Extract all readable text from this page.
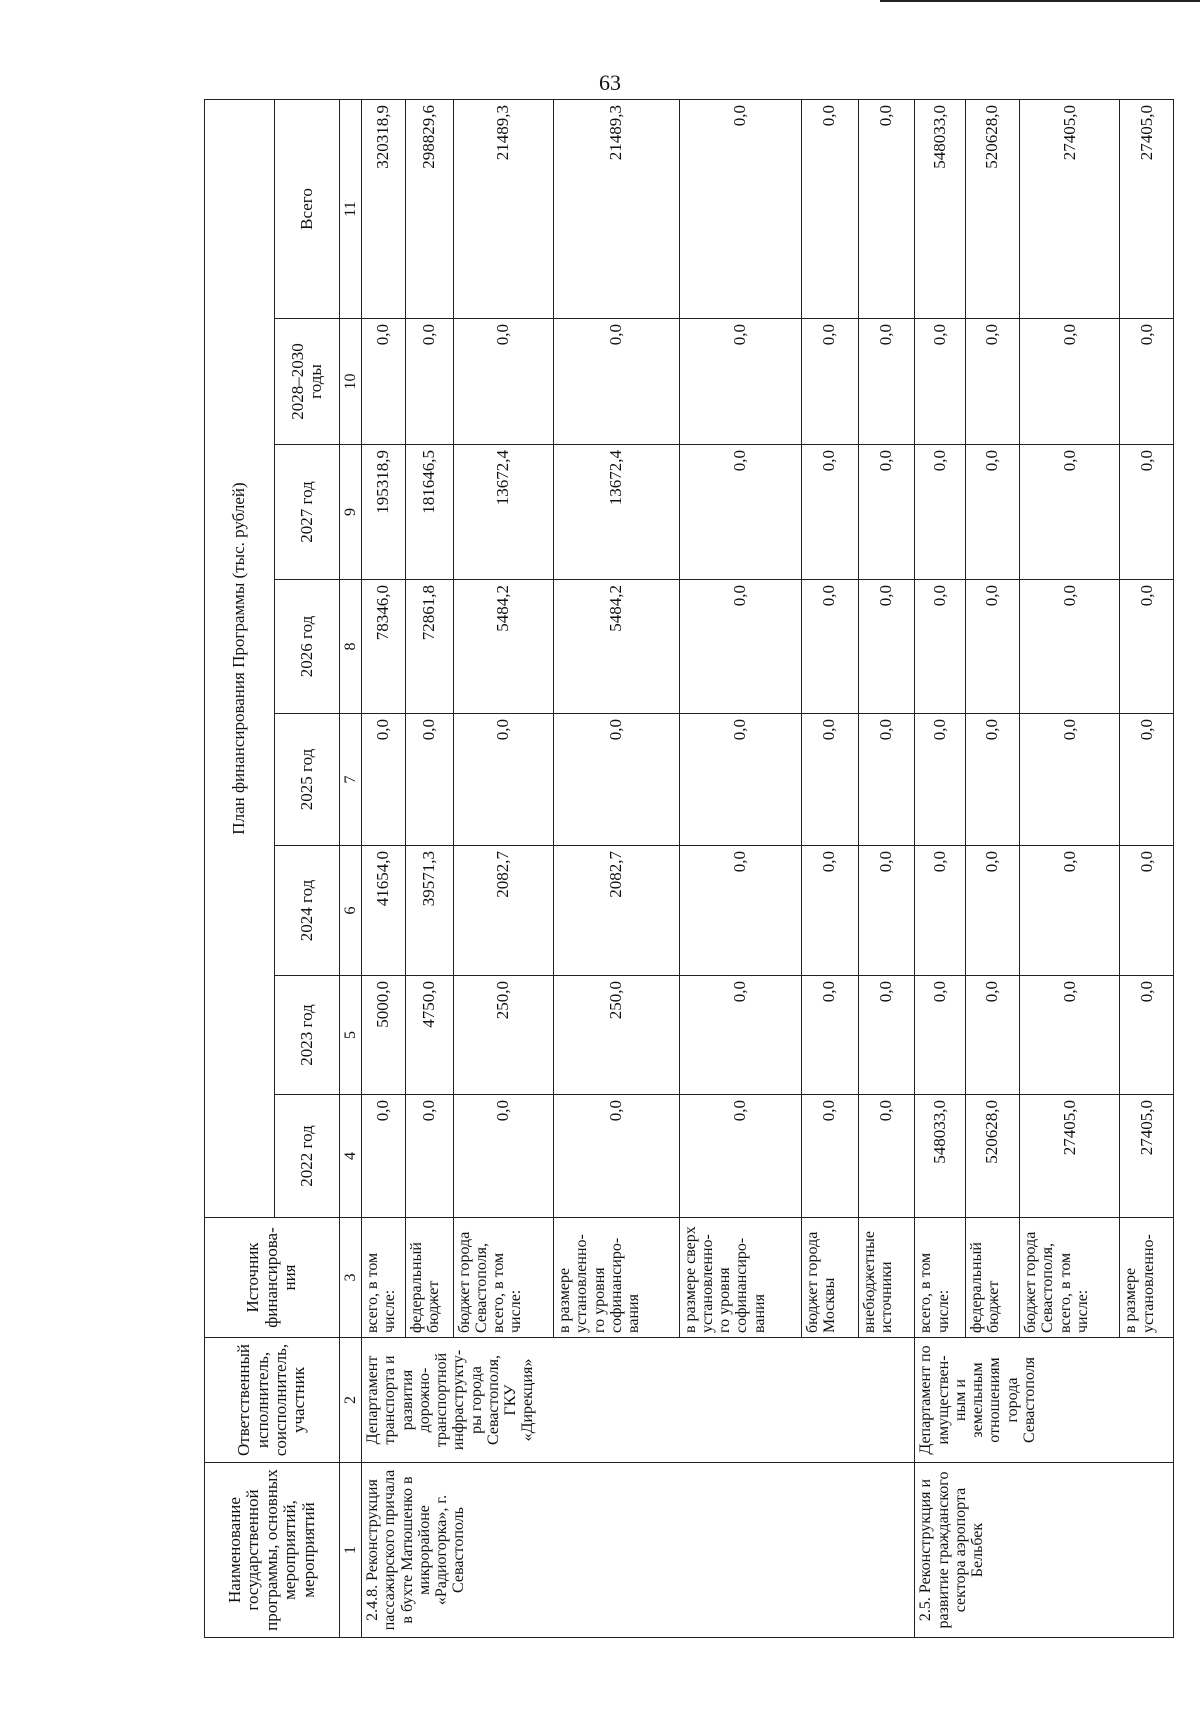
63
Наименование государственной программы, основных мероприятий, мероприятий	Ответственный исполнитель, соисполнитель, участник	Источник финансирова-ния	План финансирования Программы (тыс. рублей)							
			2022 год	2023 год	2024 год	2025 год	2026 год	2027 год	2028–2030 годы	Всего
1	2	3	4	5	6	7	8	9	10	11
2.4.8. Реконструкция пассажирского причала в бухте Матюшенко в микрорайоне «Радиогорка», г. Севастополь	Департамент транспорта и развития дорожно-транспортной инфраструкту-ры города Севастополя, ГКУ «Дирекция»	всего, в том числе:	0,0	5000,0	41654,0	0,0	78346,0	195318,9	0,0	320318,9
		федеральный бюджет	0,0	4750,0	39571,3	0,0	72861,8	181646,5	0,0	298829,6
		бюджет города Севастополя, всего, в том числе:	0,0	250,0	2082,7	0,0	5484,2	13672,4	0,0	21489,3
		в размере установленно-го уровня софинансиро-вания	0,0	250,0	2082,7	0,0	5484,2	13672,4	0,0	21489,3
		в размере сверх установленно-го уровня софинансиро-вания	0,0	0,0	0,0	0,0	0,0	0,0	0,0	0,0
		бюджет города Москвы	0,0	0,0	0,0	0,0	0,0	0,0	0,0	0,0
		внебюджетные источники	0,0	0,0	0,0	0,0	0,0	0,0	0,0	0,0
2.5. Реконструкция и развитие гражданского сектора аэропорта Бельбек	Департамент по имуществен-ным и земельным отношениям города Севастополя	всего, в том числе:	548033,0	0,0	0,0	0,0	0,0	0,0	0,0	548033,0
		федеральный бюджет	520628,0	0,0	0,0	0,0	0,0	0,0	0,0	520628,0
		бюджет города Севастополя, всего, в том числе:	27405,0	0,0	0,0	0,0	0,0	0,0	0,0	27405,0
		в размере установленно-	27405,0	0,0	0,0	0,0	0,0	0,0	0,0	27405,0
